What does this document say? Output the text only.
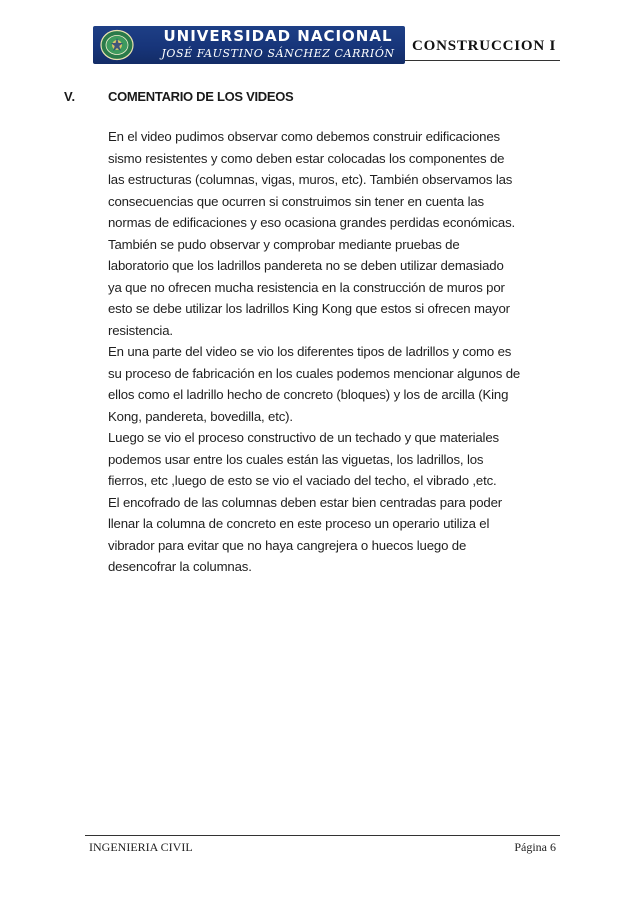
UNIVERSIDAD NACIONAL
JOSÉ FAUSTINO SÁNCHEZ CARRIÓN	CONSTRUCCION I
V.	COMENTARIO DE LOS VIDEOS
En el video pudimos observar como debemos construir edificaciones
sismo resistentes y como deben estar colocadas los componentes de
las estructuras (columnas, vigas, muros, etc). También observamos las
consecuencias que ocurren si construimos sin tener en cuenta las
normas de edificaciones y eso ocasiona grandes perdidas económicas.
También se pudo observar y comprobar mediante pruebas de
laboratorio que los ladrillos pandereta no se deben utilizar demasiado
ya que no ofrecen mucha resistencia en la construcción de muros por
esto se debe utilizar los ladrillos King Kong que estos si ofrecen mayor
resistencia.
En una parte del video se vio los diferentes tipos de ladrillos y como es
su proceso de fabricación en los cuales podemos mencionar algunos de
ellos como el ladrillo hecho de concreto (bloques) y los de arcilla (King
Kong, pandereta, bovedilla, etc).
Luego se vio el proceso constructivo de un techado y que materiales
podemos usar entre los cuales están las viguetas, los ladrillos, los
fierros, etc ,luego de esto se vio el vaciado del techo, el vibrado ,etc.
El encofrado de las columnas deben estar bien centradas para poder
llenar la columna de concreto en este proceso un operario utiliza el
vibrador para evitar que no haya cangrejera o huecos luego de
desencofrar la columnas.
INGENIERIA CIVIL	Página 6
